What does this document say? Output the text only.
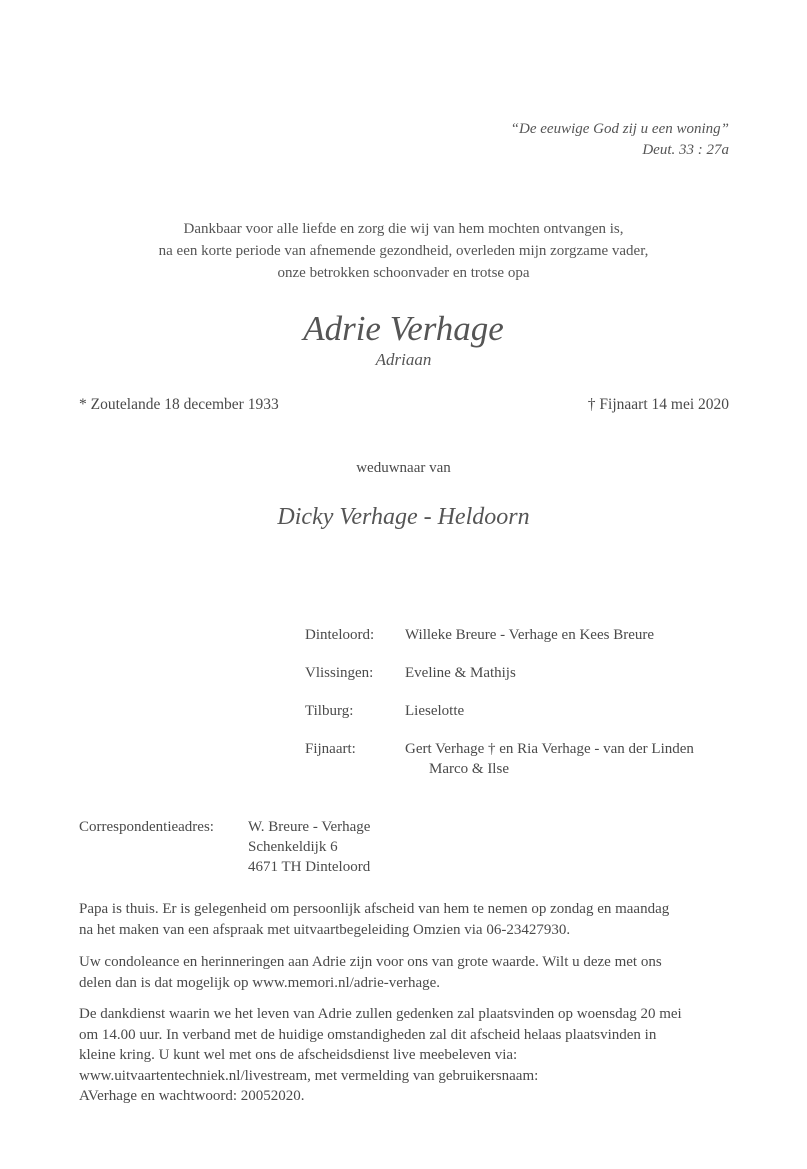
“De eeuwige God zij u een woning”
Deut. 33 : 27a
Dankbaar voor alle liefde en zorg die wij van hem mochten ontvangen is,
na een korte periode van afnemende gezondheid, overleden mijn zorgzame vader,
onze betrokken schoonvader en trotse opa
Adrie Verhage
Adriaan
* Zoutelande 18 december 1933	† Fijnaart 14 mei 2020
weduwnaar van
Dicky Verhage - Heldoorn
Dinteloord: Willeke Breure - Verhage en Kees Breure
Vlissingen: Eveline & Mathijs
Tilburg:	Lieselotte
Fijnaart:	Gert Verhage † en Ria Verhage - van der Linden
Marco & Ilse
Correspondentieadres: W. Breure - Verhage
Schenkeldijk 6
4671 TH Dinteloord
Papa is thuis. Er is gelegenheid om persoonlijk afscheid van hem te nemen op zondag en maandag
na het maken van een afspraak met uitvaartbegeleiding Omzien via 06-23427930.
Uw condoleance en herinneringen aan Adrie zijn voor ons van grote waarde. Wilt u deze met ons
delen dan is dat mogelijk op www.memori.nl/adrie-verhage.
De dankdienst waarin we het leven van Adrie zullen gedenken zal plaatsvinden op woensdag 20 mei
om 14.00 uur. In verband met de huidige omstandigheden zal dit afscheid helaas plaatsvinden in
kleine kring. U kunt wel met ons de afscheidsdienst live meebeleven via:
www.uitvaartentechniek.nl/livestream, met vermelding van gebruikersnaam:
AVerhage en wachtwoord: 20052020.
